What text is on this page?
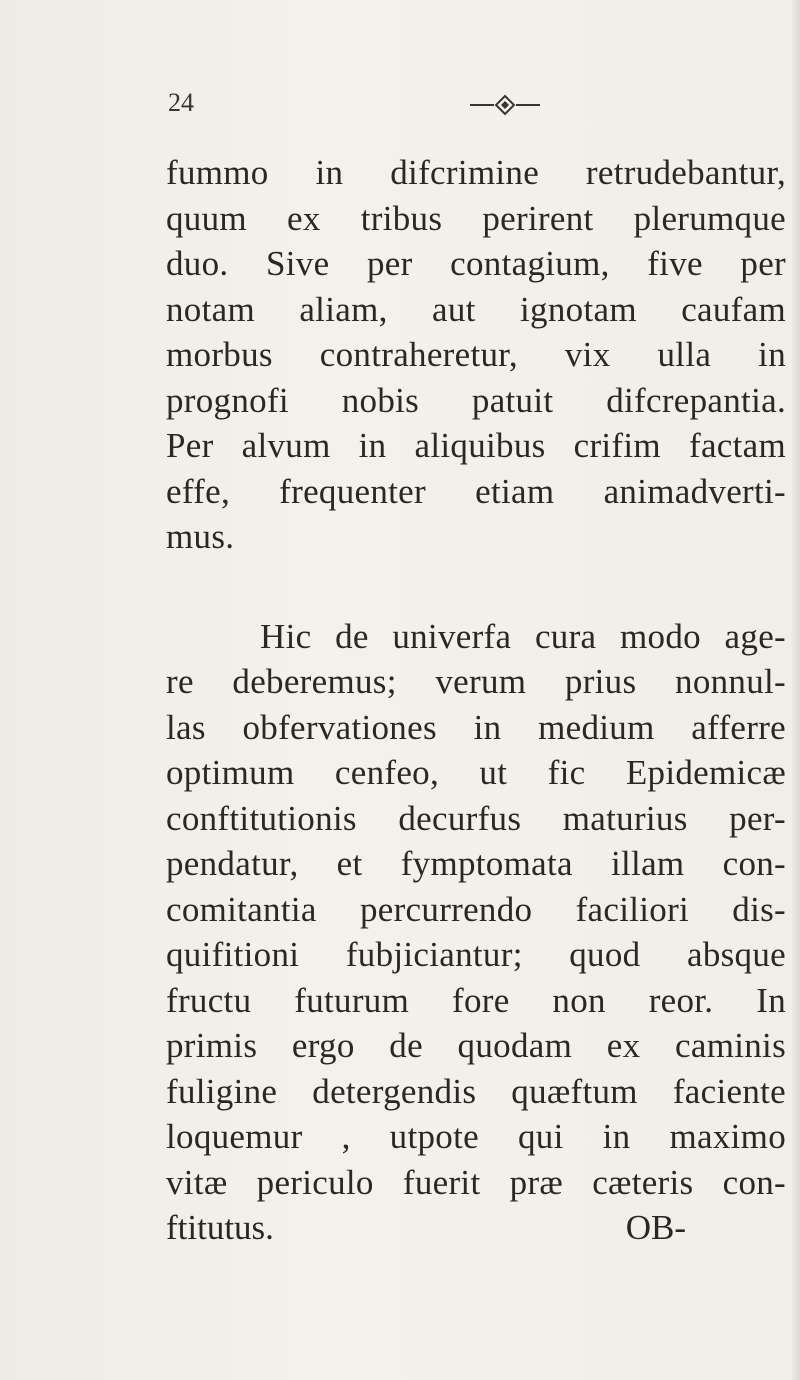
24
fummo in difcrimine retrudebantur,
quum ex tribus perirent plerumque
duo. Sive per contagium, five per
notam aliam, aut ignotam caufam
morbus contraheretur, vix ulla in
prognofi nobis patuit difcrepantia.
Per alvum in aliquibus crifim factam
effe, frequenter etiam animadverti-
mus.
Hic de univerfa cura modo age-
re deberemus; verum prius nonnul-
las obfervationes in medium afferre
optimum cenfeo, ut fic Epidemicæ
conftitutionis decurfus maturius per-
pendatur, et fymptomata illam con-
comitantia percurrendo faciliori dis-
quifitioni fubjiciantur; quod absque
fructu futurum fore non reor. In
primis ergo de quodam ex caminis
fuligine detergendis quæftum faciente
loquemur , utpote qui in maximo
vitæ periculo fuerit præ cæteris con-
ftitutus.	OB-
